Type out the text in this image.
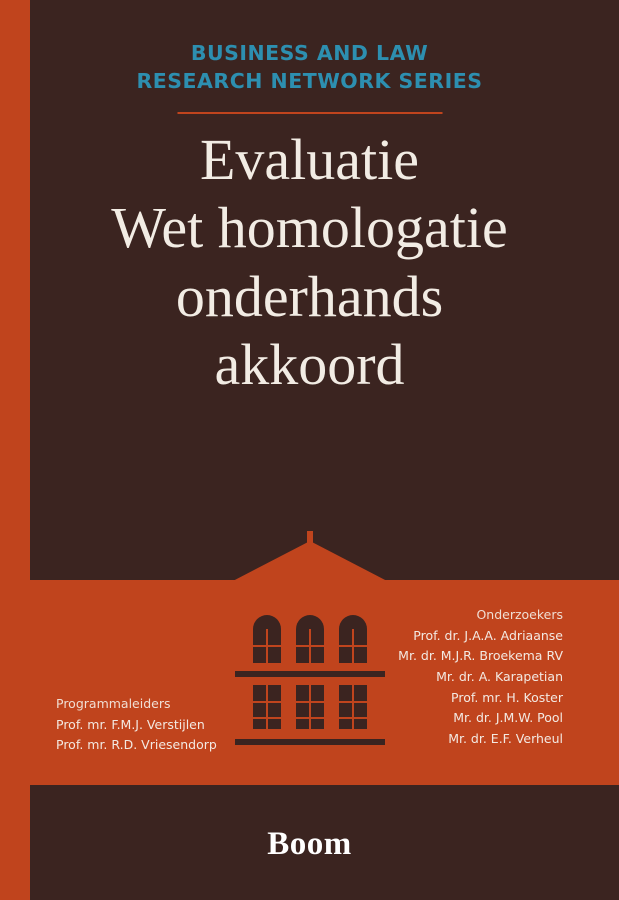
BUSINESS AND LAW
RESEARCH NETWORK SERIES
Evaluatie
Wet homologatie
onderhands
akkoord
Programmaleiders
Prof. mr. F.M.J. Verstijlen
Prof. mr. R.D. Vriesendorp
Onderzoekers
Prof. dr. J.A.A. Adriaanse
Mr. dr. M.J.R. Broekema RV
Mr. dr. A. Karapetian
Prof. mr. H. Koster
Mr. dr. J.M.W. Pool
Mr. dr. E.F. Verheul
Boom
